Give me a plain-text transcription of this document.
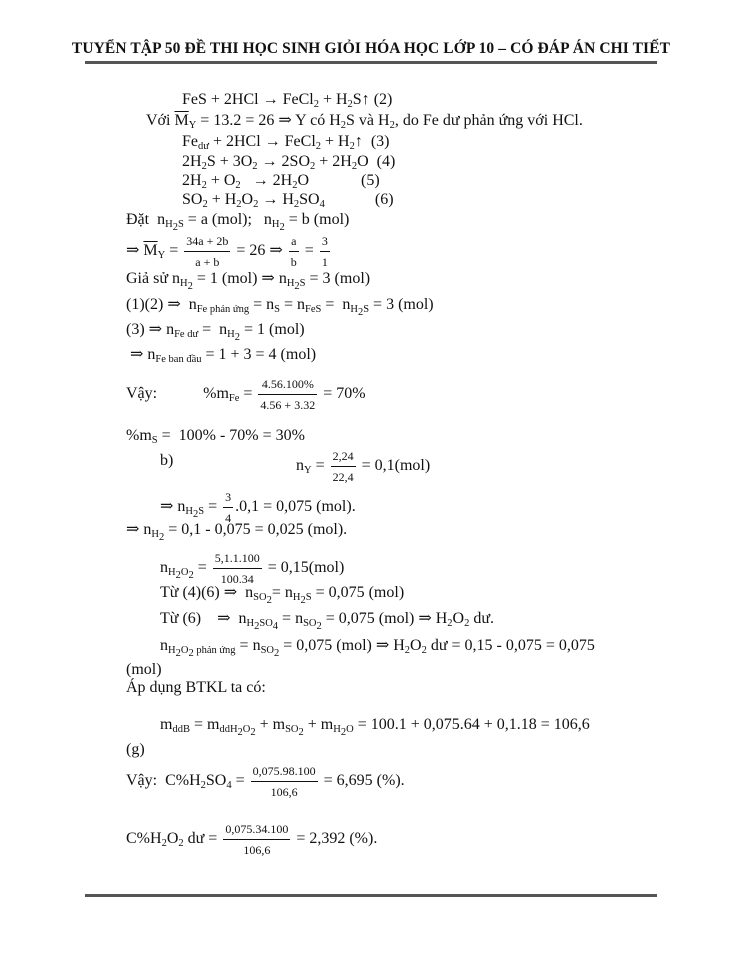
TUYỂN TẬP 50 ĐỀ THI HỌC SINH GIỎI HÓA HỌC LỚP 10 – CÓ ĐÁP ÁN CHI TIẾT
FeS + 2HCl → FeCl$_2$ + $H_2S↑$ (2)
Với $\overline{M}_Y = 13.2 = 26$ ⇒ Y có $H_2S$ và $H_2$, do Fe dư phản ứng với HCl.
$Fe_{dư} + 2HCl$ → FeCl$_2$ + $H_2↑$  (3)
$2H_2S + 3O_2 \to 2SO_2 + 2H_2O$  (4)
$2H_2 + O_2 \to 2H_2O$	(5)
$SO_2 + H_2O_2 \to H_2SO_4$	(6)
Đặt  $n_{H_2S} = a$ (mol);   $n_{H_2} = b$ (mol)
⇒ $\overline{M}_Y = \frac{34a + 2b}{a + b} = 26$ ⇒ $\frac{a}{b} = \frac{3}{1}$
Giả sử $n_{H_2} = 1$ (mol) ⇒ $n_{H_2S} = 3$ (mol)
(1)(2) ⇒  $n_{Fe phản ứng} = n_S = n_{FeS} = n_{H_2S} = 3$ (mol)
(3) ⇒ $n_{Fe dư} = n_{H_2} = 1$ (mol)
⇒ $n_{Fe ban đầu} = 1 + 3 = 4$ (mol)
Vậy:	$\%m_{Fe} = \frac{4.56.100\%}{4.56 + 3.32} = 70\%$
$\%m_S = 100\% - 70\% = 30\%$
b)	$n_Y = \frac{2,24}{22,4} = 0,1(mol)$
⇒ $n_{H_2S} = \frac{3}{4} .0,1 = 0,075$ (mol).
⇒ $n_{H_2} = 0,1 - 0,075 = 0,025$ (mol).
$n_{H_2O_2} = \frac{5,1.1.100}{100.34} = 0,15(mol)$
Từ (4)(6) ⇒  $n_{SO_2}= n_{H_2S} = 0,075$ (mol)
Từ (6)    ⇒  $n_{H_2SO_4} = n_{SO_2} = 0,075$ (mol) ⇒ $H_2O_2$ dư.
$n_{H_2O_2 phản ứng} = n_{SO_2} = 0,075$ (mol) ⇒ $H_2O_2$ dư = 0,15 - 0,075 = 0,075
(mol)
Áp dụng BTKL ta có:
$m_{ddB} = m_{ddH_2O_2} + m_{SO_2} + m_{H_2O} = 100.1 + 0,075.64 + 0,1.18 = 106,6$
(g)
Vậy:  $C\%H_2SO_4 = \frac{0,075.98.100}{106,6} = 6,695$ (%).
$C\%H_2O_2$ dư = $\frac{0,075.34.100}{106,6} = 2,392$ (%).
